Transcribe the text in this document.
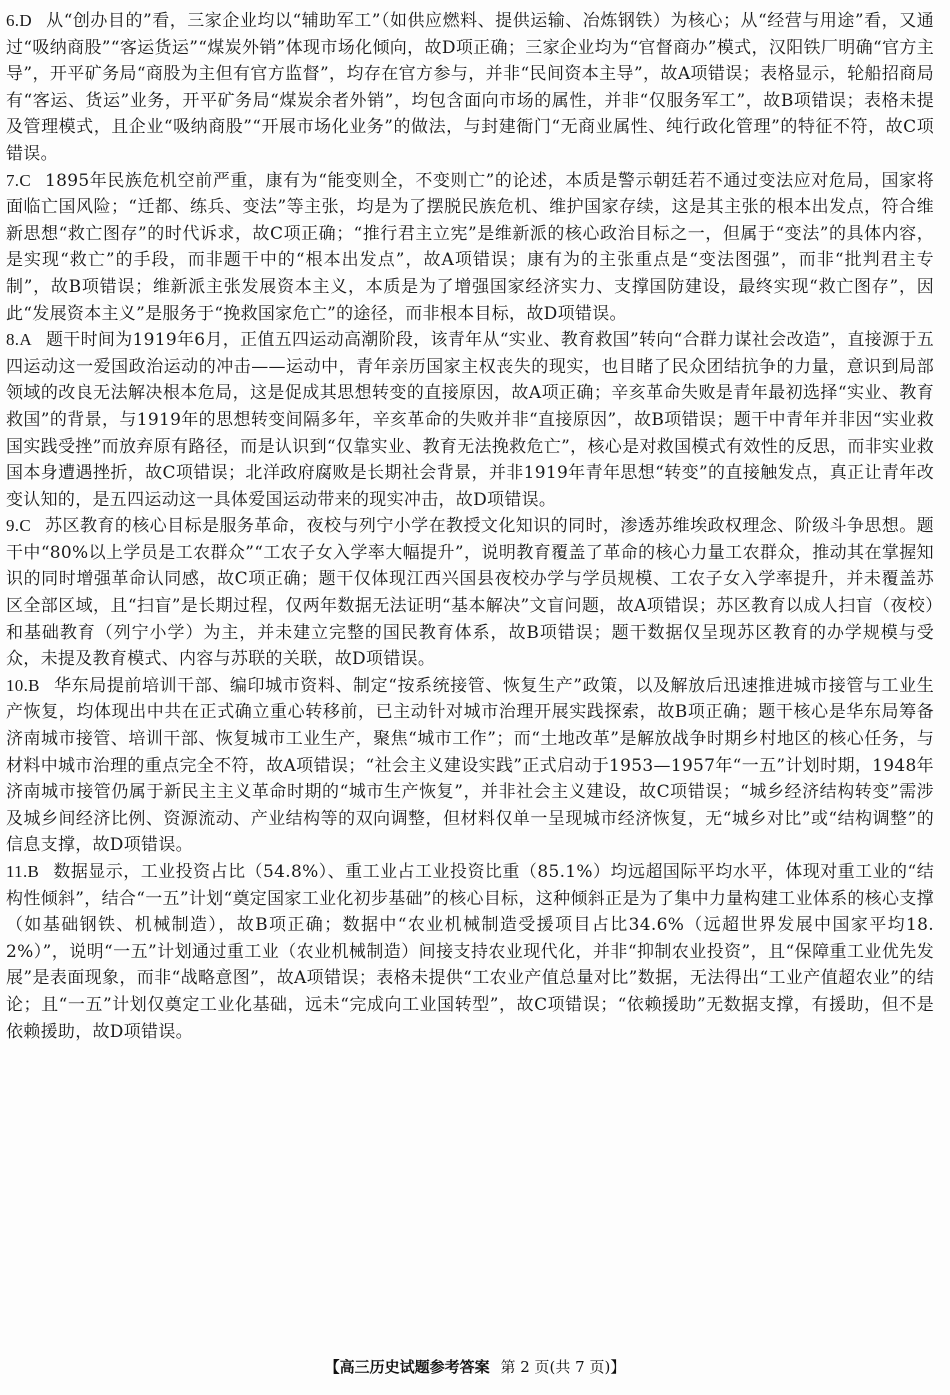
6.D 从“创办目的”看，三家企业均以“辅助军工”（如供应燃料、提供运输、冶炼钢铁）为核心；从“经营与用途”看，又通过“吸纳商股”“客运货运”“煤炭外销”体现市场化倾向，故D项正确；三家企业均为“官督商办”模式，汉阳铁厂明确“官方主导”，开平矿务局“商股为主但有官方监督”，均存在官方参与，并非“民间资本主导”，故A项错误；表格显示，轮船招商局有“客运、货运”业务，开平矿务局“煤炭余者外销”，均包含面向市场的属性，并非“仅服务军工”，故B项错误；表格未提及管理模式，且企业“吸纳商股”“开展市场化业务”的做法，与封建衙门“无商业属性、纯行政化管理”的特征不符，故C项错误。

7.C 1895年民族危机空前严重，康有为“能变则全，不变则亡”的论述，本质是警示朝廷若不通过变法应对危局，国家将面临亡国风险；“迁都、练兵、变法”等主张，均是为了摆脱民族危机、维护国家存续，这是其主张的根本出发点，符合维新思想“救亡图存”的时代诉求，故C项正确；“推行君主立宪”是维新派的核心政治目标之一，但属于“变法”的具体内容，是实现“救亡”的手段，而非题干中的“根本出发点”，故A项错误；康有为的主张重点是“变法图强”，而非“批判君主专制”，故B项错误；维新派主张发展资本主义，本质是为了增强国家经济实力、支撑国防建设，最终实现“救亡图存”，因此“发展资本主义”是服务于“挽救国家危亡”的途径，而非根本目标，故D项错误。

8.A 题干时间为1919年6月，正值五四运动高潮阶段，该青年从“实业、教育救国”转向“合群力谋社会改造”，直接源于五四运动这一爱国政治运动的冲击——运动中，青年亲历国家主权丧失的现实，也目睹了民众团结抗争的力量，意识到局部领域的改良无法解决根本危局，这是促成其思想转变的直接原因，故A项正确；辛亥革命失败是青年最初选择“实业、教育救国”的背景，与1919年的思想转变间隔多年，辛亥革命的失败并非“直接原因”，故B项错误；题干中青年并非因“实业救国实践受挫”而放弃原有路径，而是认识到“仅靠实业、教育无法挽救危亡”，核心是对救国模式有效性的反思，而非实业救国本身遭遇挫折，故C项错误；北洋政府腐败是长期社会背景，并非1919年青年思想“转变”的直接触发点，真正让青年改变认知的，是五四运动这一具体爱国运动带来的现实冲击，故D项错误。

9.C 苏区教育的核心目标是服务革命，夜校与列宁小学在教授文化知识的同时，渗透苏维埃政权理念、阶级斗争思想。题干中“80%以上学员是工农群众”“工农子女入学率大幅提升”，说明教育覆盖了革命的核心力量工农群众，推动其在掌握知识的同时增强革命认同感，故C项正确；题干仅体现江西兴国县夜校办学与学员规模、工农子女入学率提升，并未覆盖苏区全部区域，且“扫盲”是长期过程，仅两年数据无法证明“基本解决”文盲问题，故A项错误；苏区教育以成人扫盲（夜校）和基础教育（列宁小学）为主，并未建立完整的国民教育体系，故B项错误；题干数据仅呈现苏区教育的办学规模与受众，未提及教育模式、内容与苏联的关联，故D项错误。

10.B 华东局提前培训干部、编印城市资料、制定“按系统接管、恢复生产”政策，以及解放后迅速推进城市接管与工业生产恢复，均体现出中共在正式确立重心转移前，已主动针对城市治理开展实践探索，故B项正确；题干核心是华东局筹备济南城市接管、培训干部、恢复城市工业生产，聚焦“城市工作”；而“土地改革”是解放战争时期乡村地区的核心任务，与材料中城市治理的重点完全不符，故A项错误；“社会主义建设实践”正式启动于1953—1957年“一五”计划时期，1948年济南城市接管仍属于新民主主义革命时期的“城市生产恢复”，并非社会主义建设，故C项错误；“城乡经济结构转变”需涉及城乡间经济比例、资源流动、产业结构等的双向调整，但材料仅单一呈现城市经济恢复，无“城乡对比”或“结构调整”的信息支撑，故D项错误。

11.B 数据显示，工业投资占比（54.8%）、重工业占工业投资比重（85.1%）均远超国际平均水平，体现对重工业的“结构性倾斜”，结合“一五”计划“奠定国家工业化初步基础”的核心目标，这种倾斜正是为了集中力量构建工业体系的核心支撑（如基础钢铁、机械制造），故B项正确；数据中“农业机械制造受援项目占比34.6%（远超世界发展中国家平均18.2%）”，说明“一五”计划通过重工业（农业机械制造）间接支持农业现代化，并非“抑制农业投资”，且“保障重工业优先发展”是表面现象，而非“战略意图”，故A项错误；表格未提供“工农业产值总量对比”数据，无法得出“工业产值超农业”的结论；且“一五”计划仅奠定工业化基础，远未“完成向工业国转型”，故C项错误；“依赖援助”无数据支撑，有援助，但不是依赖援助，故D项错误。

【高三历史试题参考答案 第 2 页(共 7 页)】
